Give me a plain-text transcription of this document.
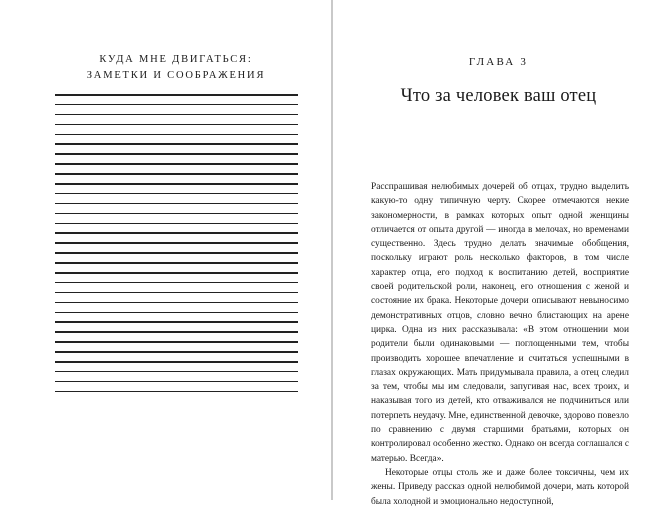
КУДА МНЕ ДВИГАТЬСЯ:
ЗАМЕТКИ И СООБРАЖЕНИЯ
ГЛАВА 3
Что за человек ваш отец

Расспрашивая нелюбимых дочерей об отцах, трудно выделить какую-то одну типичную черту. Скорее отмечаются некие закономерности, в рамках которых опыт одной женщины отличается от опыта другой — иногда в мелочах, но временами существенно. Здесь трудно делать значимые обобщения, поскольку играют роль несколько факторов, в том числе характер отца, его подход к воспитанию детей, восприятие своей родительской роли, наконец, его отношения с женой и состояние их брака. Некоторые дочери описывают невыносимо демонстративных отцов, словно вечно блистающих на арене цирка. Одна из них рассказывала: «В этом отношении мои родители были одинаковыми — поглощенными тем, чтобы производить хорошее впечатление и считаться успешными в глазах окружающих. Мать придумывала правила, а отец следил за тем, чтобы мы им следовали, запугивая нас, всех троих, и наказывая того из детей, кто отваживался не подчиниться или потерпеть неудачу. Мне, единственной девочке, здорово повезло по сравнению с двумя старшими братьями, которых он контролировал особенно жестко. Однако он всегда соглашался с матерью. Всегда».

Некоторые отцы столь же и даже более токсичны, чем их жены. Приведу рассказ одной нелюбимой дочери, мать которой была холодной и эмоционально недоступной,
